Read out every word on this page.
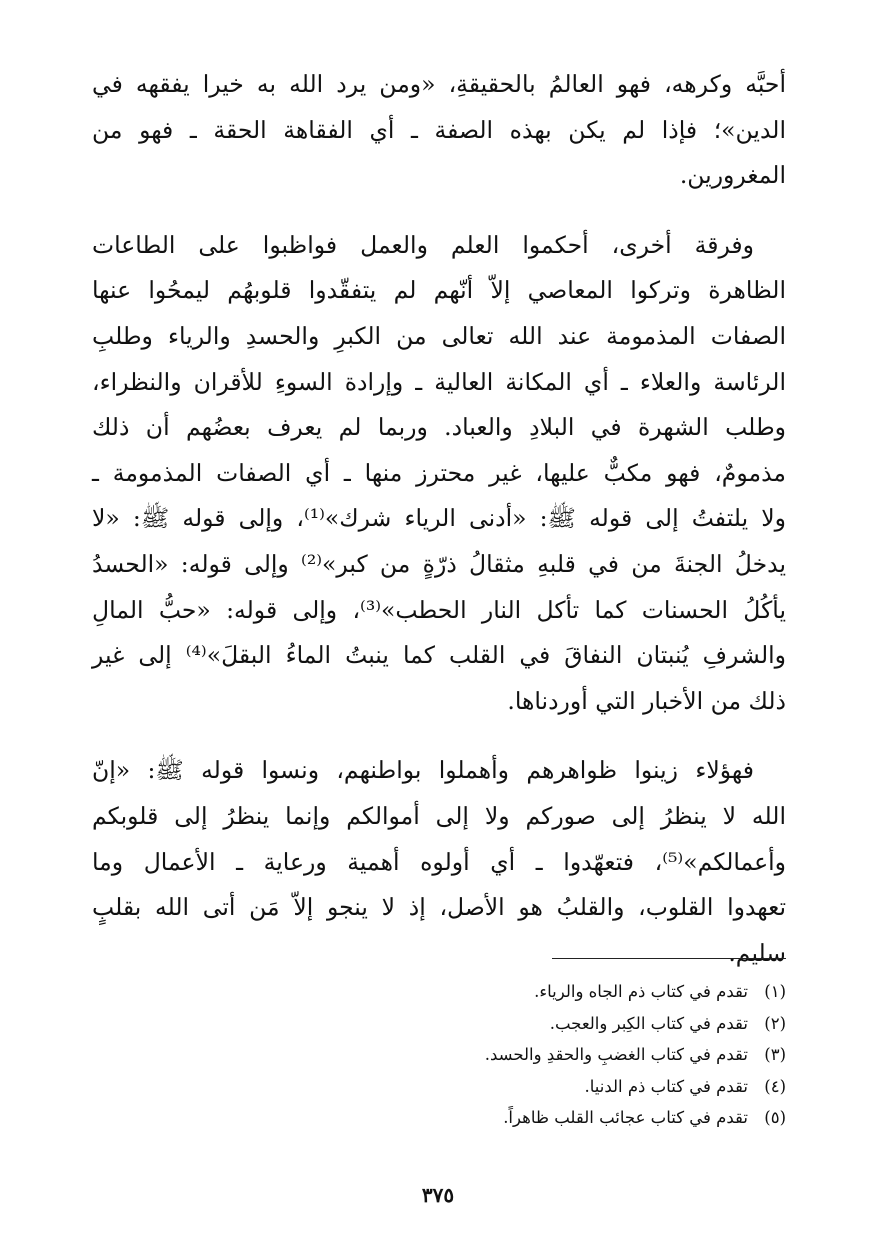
أحبَّه وكرهه، فهو العالمُ بالحقيقةِ، «ومن يرد الله به خيرا يفقهه في
الدين»؛ فإذا لم يكن بهذه الصفة ـ أي الفقاهة الحقة ـ فهو من
المغرورين.

وفرقة أخرى، أحكموا العلم والعمل فواظبوا على الطاعات
الظاهرة وتركوا المعاصي إلاّ أنّهم لم يتفقّدوا قلوبهُم ليمحُوا عنها
الصفات المذمومة عند الله تعالى من الكبرِ والحسدِ والرياء وطلبِ
الرئاسة والعلاء ـ أي المكانة العالية ـ وإرادة السوءِ للأقران والنظراء،
وطلب الشهرة في البلادِ والعباد. وربما لم يعرف بعضُهم أن ذلك
مذمومٌ، فهو مكبٌّ عليها، غير محترز منها ـ أي الصفات المذمومة ـ
ولا يلتفتُ إلى قوله ﷺ: «أدنى الرياء شرك»⁽¹⁾، وإلى قوله ﷺ: «لا
يدخلُ الجنةَ من في قلبهِ مثقالُ ذرّةٍ من كبر»⁽²⁾ وإلى قوله: «الحسدُ
يأكُلُ الحسنات كما تأكل النار الحطب»⁽³⁾، وإلى قوله: «حبُّ المالِ
والشرفِ يُنبتان النفاقَ في القلب كما ينبتُ الماءُ البقلَ»⁽⁴⁾ إلى غير
ذلك من الأخبار التي أوردناها.

فهؤلاء زينوا ظواهرهم وأهملوا بواطنهم، ونسوا قوله ﷺ: «إنّ
الله لا ينظرُ إلى صوركم ولا إلى أموالكم وإنما ينظرُ إلى قلوبكم
وأعمالكم»⁽⁵⁾، فتعهّدوا ـ أي أولوه أهمية ورعاية ـ الأعمال وما
تعهدوا القلوب، والقلبُ هو الأصل، إذ لا ينجو إلاّ مَن أتى الله بقلبٍ
سليم.

(١)تقدم في كتاب ذم الجاه والرياء.
(٢)تقدم في كتاب الكِبر والعجب.
(٣)تقدم في كتاب الغضبِ والحقدِ والحسد.
(٤)تقدم في كتاب ذم الدنيا.
(٥)تقدم في كتاب عجائب القلب ظاهراً.
٣٧٥
